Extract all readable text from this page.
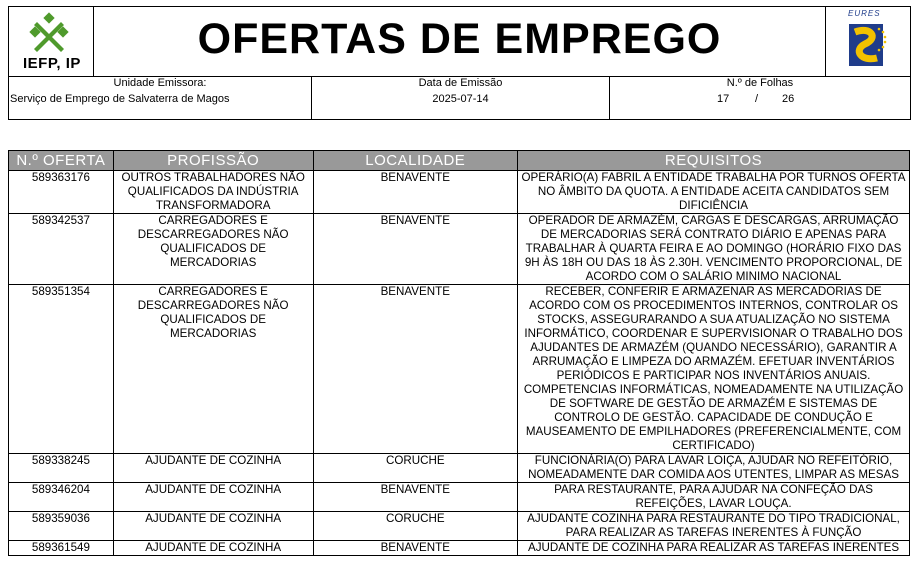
IEFP, IP
OFERTAS DE EMPREGO
EURES
Unidade Emissora:
Serviço de Emprego de Salvaterra de Magos
Data de Emissão
2025-07-14
N.º de Folhas
17 / 26
N.º OFERTA	PROFISSÃO	LOCALIDADE	REQUISITOS
589363176	OUTROS TRABALHADORES NÃO QUALIFICADOS DA INDÚSTRIA TRANSFORMADORA	BENAVENTE	OPERÁRIO(A) FABRIL A ENTIDADE TRABALHA POR TURNOS OFERTA NO ÂMBITO DA QUOTA. A ENTIDADE ACEITA CANDIDATOS SEM DIFICIÊNCIA
589342537	CARREGADORES E DESCARREGADORES NÃO QUALIFICADOS DE MERCADORIAS	BENAVENTE	OPERADOR DE ARMAZÉM, CARGAS E DESCARGAS, ARRUMAÇÃO DE MERCADORIAS SERÁ CONTRATO DIÁRIO E APENAS PARA TRABALHAR À QUARTA FEIRA E AO DOMINGO (HORÁRIO FIXO DAS 9H ÀS 18H OU DAS 18 ÀS 2.30H. VENCIMENTO PROPORCIONAL, DE ACORDO COM O SALÁRIO MINIMO NACIONAL
589351354	CARREGADORES E DESCARREGADORES NÃO QUALIFICADOS DE MERCADORIAS	BENAVENTE	RECEBER, CONFERIR E ARMAZENAR AS MERCADORIAS DE ACORDO COM OS PROCEDIMENTOS INTERNOS, CONTROLAR OS STOCKS, ASSEGURARANDO A SUA ATUALIZAÇÃO NO SISTEMA INFORMÁTICO, COORDENAR E SUPERVISIONAR O TRABALHO DOS AJUDANTES DE ARMAZÉM (QUANDO NECESSÁRIO), GARANTIR A ARRUMAÇÃO E LIMPEZA DO ARMAZÉM. EFETUAR INVENTÁRIOS PERIÓDICOS E PARTICIPAR NOS INVENTÁRIOS ANUAIS. COMPETENCIAS INFORMÁTICAS, NOMEADAMENTE NA UTILIZAÇÃO DE SOFTWARE DE GESTÃO DE ARMAZÉM E SISTEMAS DE CONTROLO DE GESTÃO. CAPACIDADE DE CONDUÇÃO E MAUSEAMENTO DE EMPILHADORES (PREFERENCIALMENTE, COM CERTIFICADO)
589338245	AJUDANTE DE COZINHA	CORUCHE	FUNCIONÁRIA(O) PARA LAVAR LOIÇA, AJUDAR NO REFEITÓRIO, NOMEADAMENTE DAR COMIDA AOS UTENTES, LIMPAR AS MESAS
589346204	AJUDANTE DE COZINHA	BENAVENTE	PARA RESTAURANTE, PARA AJUDAR NA CONFEÇÃO DAS REFEIÇÕES, LAVAR LOUÇA.
589359036	AJUDANTE DE COZINHA	CORUCHE	AJUDANTE COZINHA PARA RESTAURANTE DO TIPO TRADICIONAL, PARA REALIZAR AS TAREFAS INERENTES À FUNÇÃO
589361549	AJUDANTE DE COZINHA	BENAVENTE	AJUDANTE DE COZINHA PARA REALIZAR AS TAREFAS INERENTES
